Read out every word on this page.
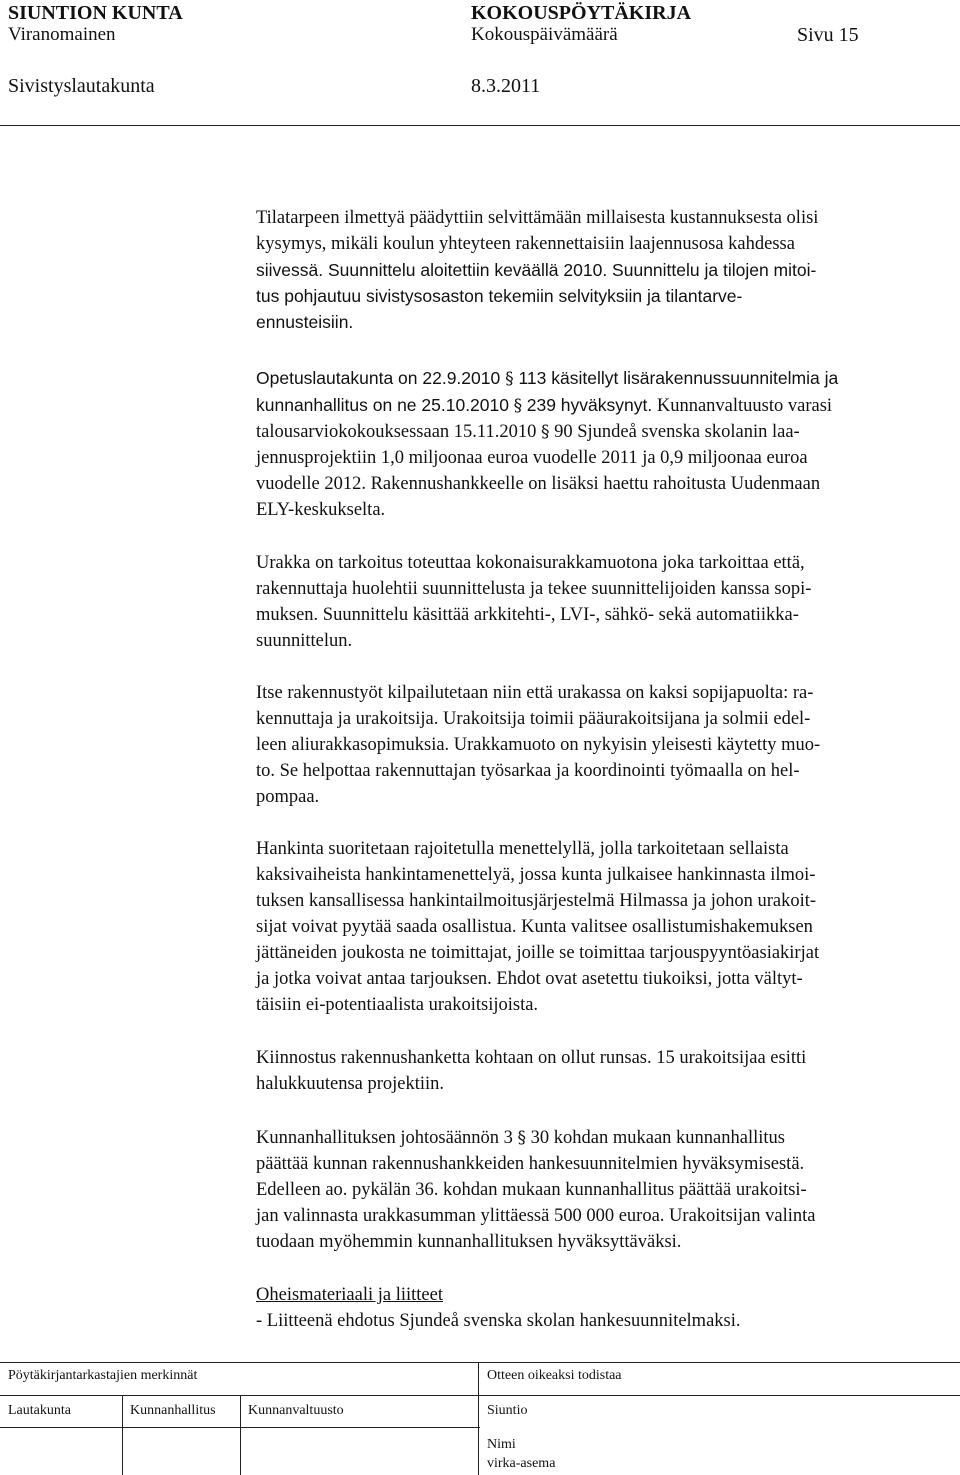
SIUNTION KUNTA	KOKOUSPÖYTÄKIRJA
Viranomainen	Kokouspäivämäärä	Sivu 15
Sivistyslautakunta	8.3.2011
Tilatarpeen ilmettyä päädyttiin selvittämään millaisesta kustannuksesta olisi
kysymys, mikäli koulun yhteyteen rakennettaisiin laajennusosa kahdessa
siivessä. Suunnittelu aloitettiin keväällä 2010. Suunnittelu ja tilojen mitoi-
tus pohjautuu sivistysosaston tekemiin selvityksiin ja tilantarve-
ennusteisiin.
Opetuslautakunta on 22.9.2010 § 113 käsitellyt lisärakennussuunnitelmia ja
kunnanhallitus on ne 25.10.2010 § 239 hyväksynyt. Kunnanvaltuusto varasi
talousarviokokouksessaan 15.11.2010 § 90 Sjundeå svenska skolanin laa-
jennusprojektiin 1,0 miljoonaa euroa vuodelle 2011 ja 0,9 miljoonaa euroa
vuodelle 2012. Rakennushankkeelle on lisäksi haettu rahoitusta Uudenmaan
ELY-keskukselta.
Urakka on tarkoitus toteuttaa kokonaisurakkamuotona joka tarkoittaa että,
rakennuttaja huolehtii suunnittelusta ja tekee suunnittelijoiden kanssa sopi-
muksen. Suunnittelu käsittää arkkitehti-, LVI-, sähkö- sekä automatiikka-
suunnittelun.
Itse rakennustyöt kilpailutetaan niin että urakassa on kaksi sopijapuolta: ra-
kennuttaja ja urakoitsija. Urakoitsija toimii pääurakoitsijana ja solmii edel-
leen aliurakkasopimuksia. Urakkamuoto on nykyisin yleisesti käytetty muo-
to. Se helpottaa rakennuttajan työsarkaa ja koordinointi työmaalla on hel-
pompaa.
Hankinta suoritetaan rajoitetulla menettelyllä, jolla tarkoitetaan sellaista
kaksivaiheista hankintamenettelyä, jossa kunta julkaisee hankinnasta ilmoi-
tuksen kansallisessa hankintailmoitusjärjestelmä Hilmassa ja johon urakoit-
sijat voivat pyytää saada osallistua. Kunta valitsee osallistumishakemuksen
jättäneiden joukosta ne toimittajat, joille se toimittaa tarjouspyyntöasiakirjat
ja jotka voivat antaa tarjouksen. Ehdot ovat asetettu tiukoiksi, jotta vältyt-
täisiin ei-potentiaalista urakoitsijoista.
Kiinnostus rakennushanketta kohtaan on ollut runsas. 15 urakoitsijaa esitti
halukkuutensa projektiin.
Kunnanhallituksen johtosäännön 3 § 30 kohdan mukaan kunnanhallitus
päättää kunnan rakennushankkeiden hankesuunnitelmien hyväksymisestä.
Edelleen ao. pykälän 36. kohdan mukaan kunnanhallitus päättää urakoitsi-
jan valinnasta urakkasumman ylittäessä 500 000 euroa. Urakoitsijan valinta
tuodaan myöhemmin kunnanhallituksen hyväksyttäväksi.
Oheismateriaali ja liitteet
- Liitteenä ehdotus Sjundeå svenska skolan hankesuunnitelmaksi.
Pöytäkirjantarkastajien merkinnät	Otteen oikeaksi todistaa
Lautakunta	Kunnanhallitus Kunnanvaltuusto	Siuntio
Nimi
virka-asema
